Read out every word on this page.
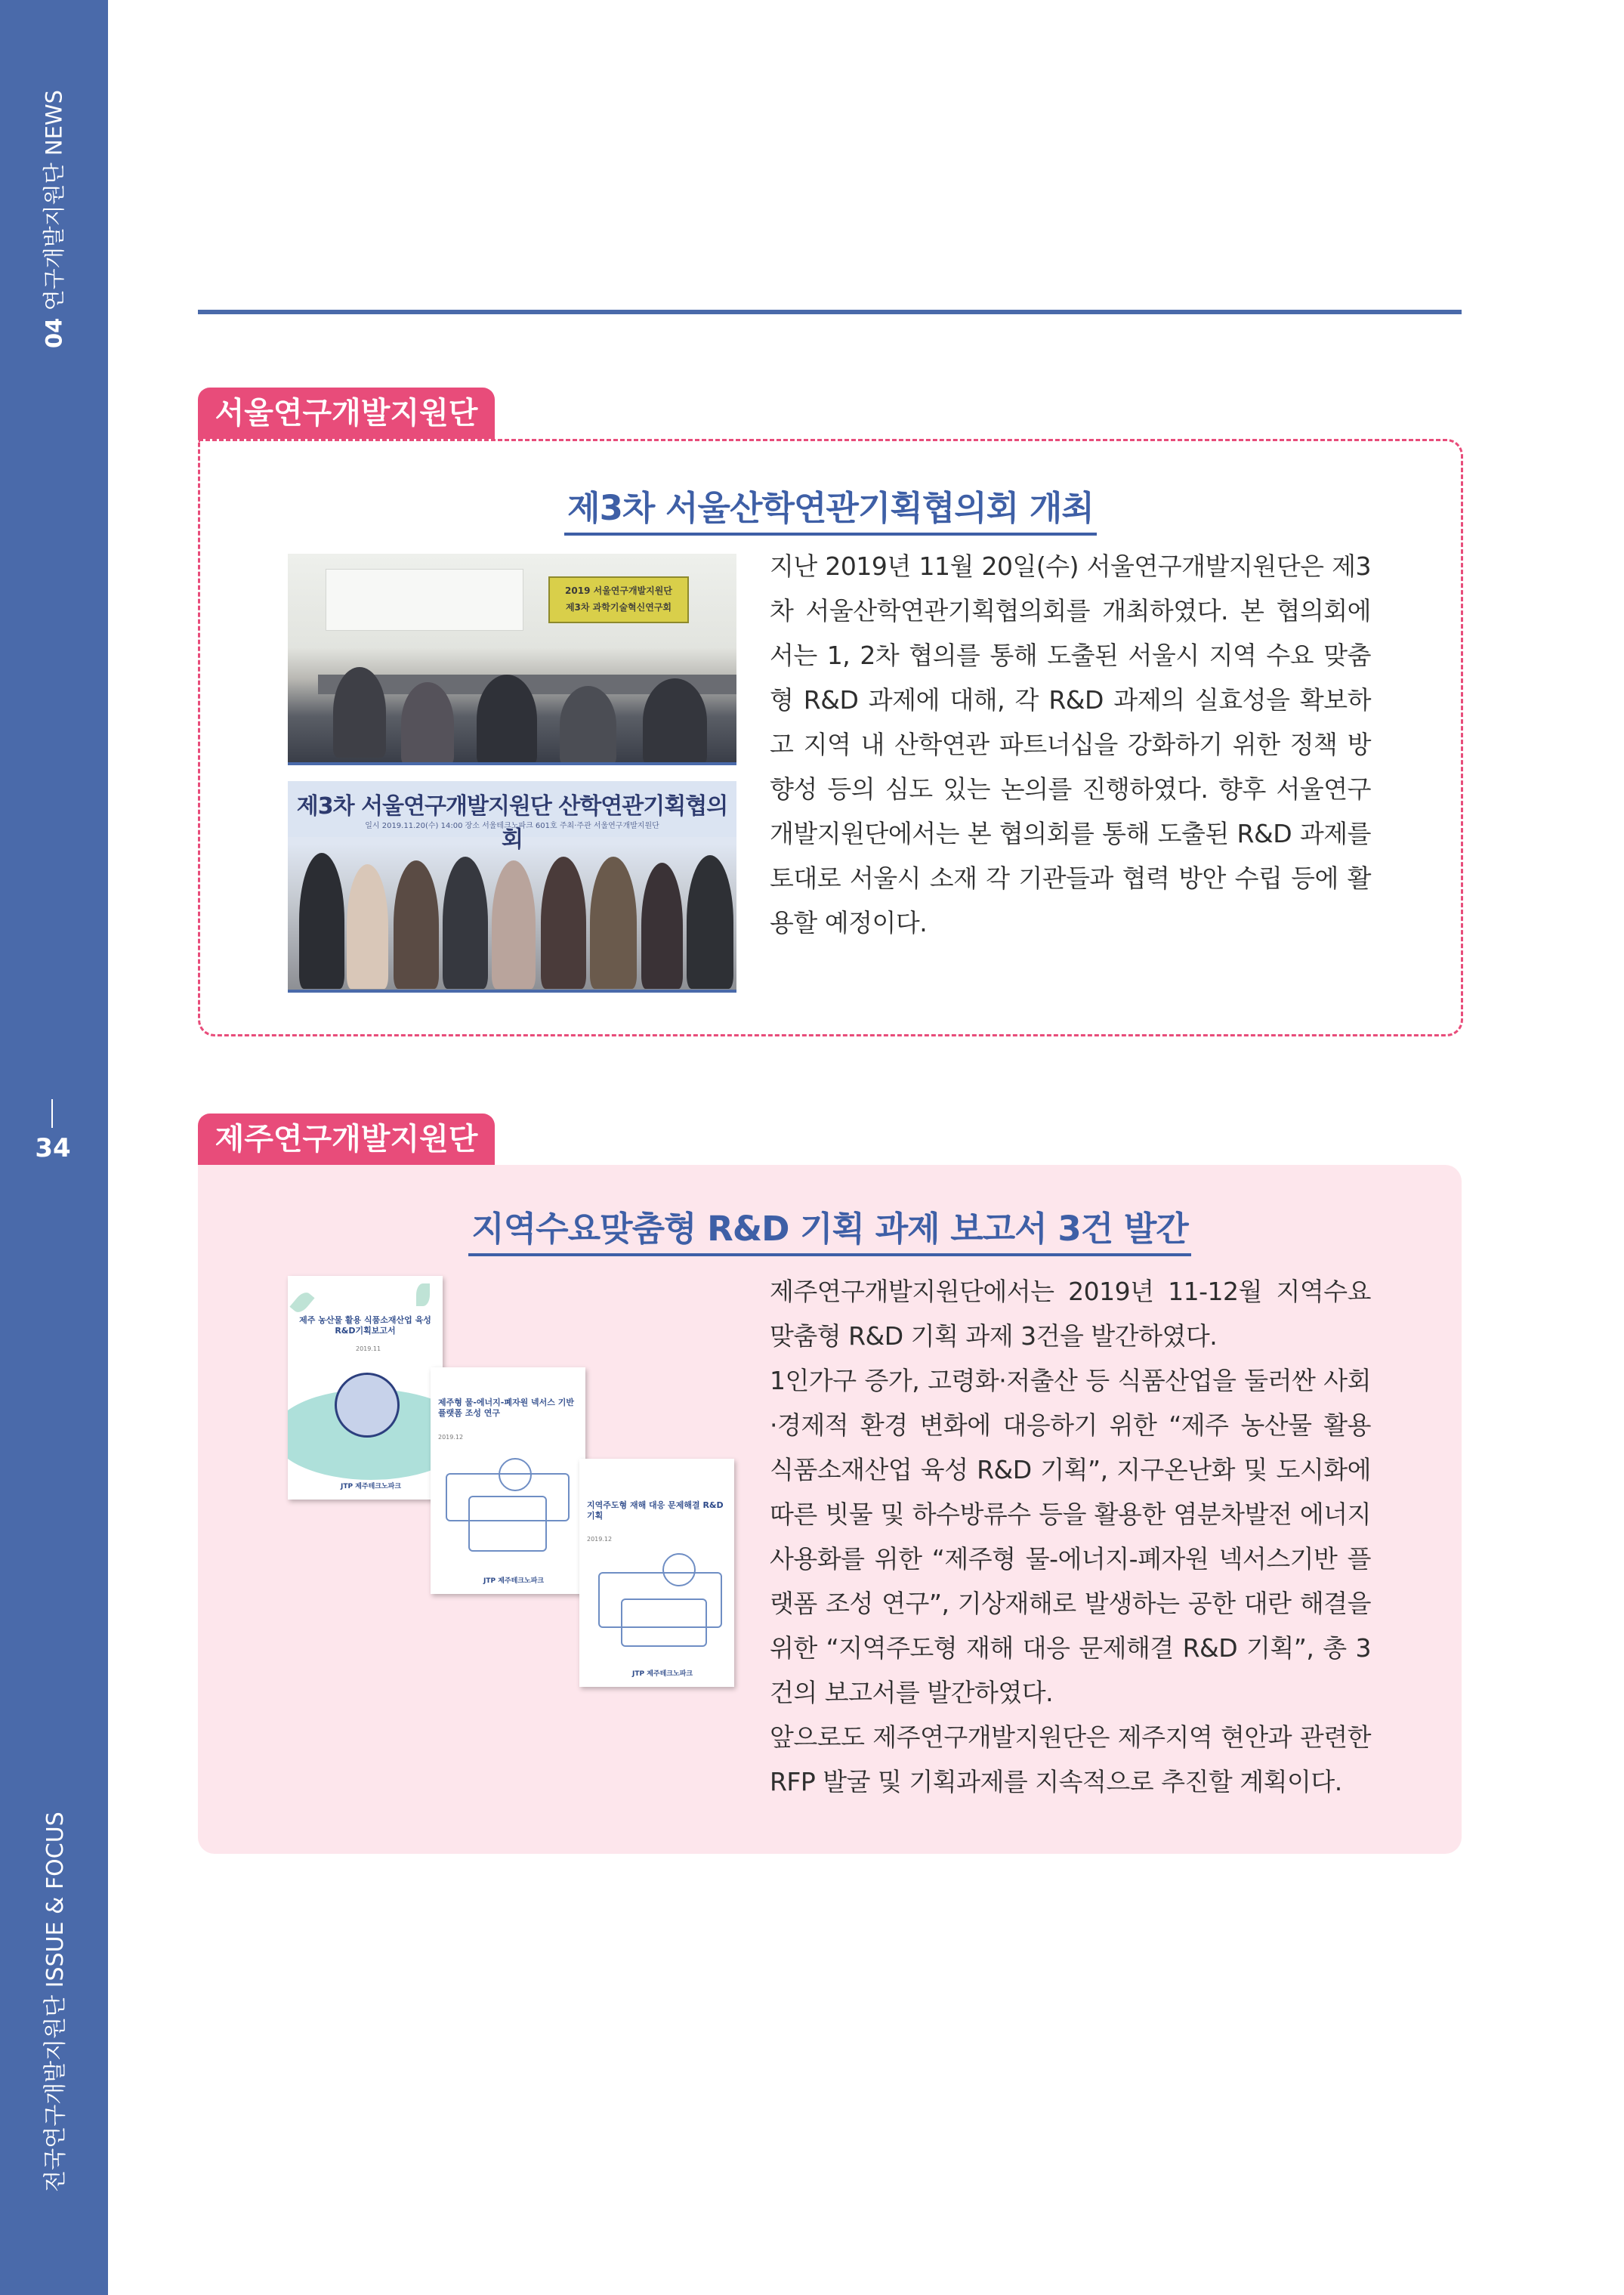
04 연구개발지원단 NEWS
34
전국연구개발지원단 ISSUE & FOCUS
서울연구개발지원단
제3차 서울산학연관기획협의회 개최
2019 서울연구개발지원단
제3차 과학기술혁신연구회
제3차 서울연구개발지원단 산학연관기획협의회
일시 2019.11.20(수) 14:00 장소 서울테크노파크 601호 주최·주관 서울연구개발지원단
지난 2019년 11월 20일(수) 서울연구개발지원단은 제3차 서울산학연관기획협의회를 개최하였다. 본 협의회에서는 1, 2차 협의를 통해 도출된 서울시 지역 수요 맞춤형 R&D 과제에 대해, 각 R&D 과제의 실효성을 확보하고 지역 내 산학연관 파트너십을 강화하기 위한 정책 방향성 등의 심도 있는 논의를 진행하였다. 향후 서울연구개발지원단에서는 본 협의회를 통해 도출된 R&D 과제를 토대로 서울시 소재 각 기관들과 협력 방안 수립 등에 활용할 예정이다.
제주연구개발지원단
지역수요맞춤형 R&D 기획 과제 보고서 3건 발간
제주 농산물 활용 식품소재산업 육성 R&D기획보고서
2019.11
JTP 제주테크노파크
제주형 물-에너지-폐자원 넥서스 기반 플랫폼 조성 연구
2019.12
JTP 제주테크노파크
지역주도형 재해 대응 문제해결 R&D기획
2019.12
JTP 제주테크노파크
제주연구개발지원단에서는 2019년 11-12월 지역수요맞춤형 R&D 기획 과제 3건을 발간하였다.
1인가구 증가, 고령화·저출산 등 식품산업을 둘러싼 사회·경제적 환경 변화에 대응하기 위한 “제주 농산물 활용 식품소재산업 육성 R&D 기획”, 지구온난화 및 도시화에 따른 빗물 및 하수방류수 등을 활용한 염분차발전 에너지 사용화를 위한 “제주형 물-에너지-폐자원 넥서스기반 플랫폼 조성 연구”, 기상재해로 발생하는 공한 대란 해결을 위한 “지역주도형 재해 대응 문제해결 R&D 기획”, 총 3건의 보고서를 발간하였다.
앞으로도 제주연구개발지원단은 제주지역 현안과 관련한 RFP 발굴 및 기획과제를 지속적으로 추진할 계획이다.
